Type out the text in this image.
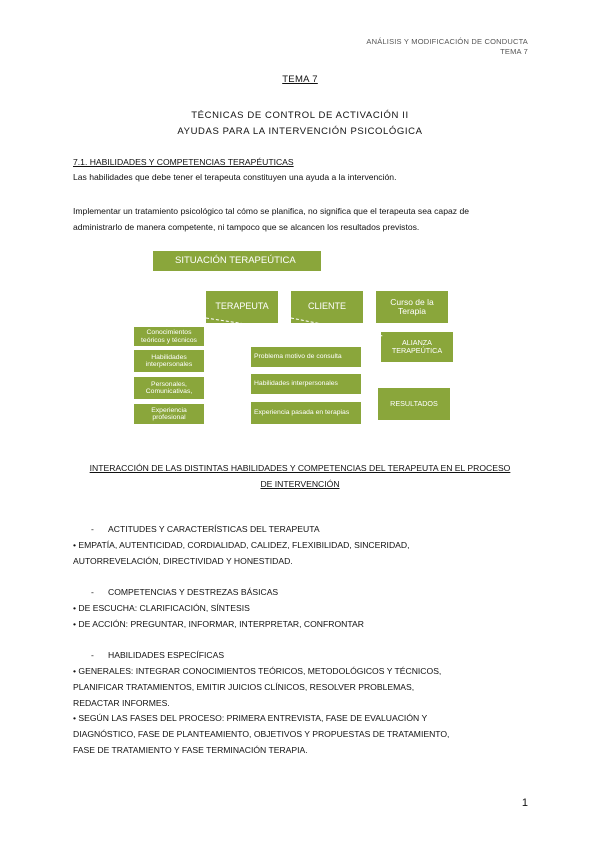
ANÁLISIS Y MODIFICACIÓN DE CONDUCTA
TEMA 7
TEMA 7
TÉCNICAS DE CONTROL DE ACTIVACIÓN II
AYUDAS PARA LA INTERVENCIÓN PSICOLÓGICA
7.1. HABILIDADES Y COMPETENCIAS TERAPÉUTICAS
Las habilidades que debe tener el terapeuta constituyen una ayuda a la intervención.
Implementar un tratamiento psicológico tal cómo se planifica, no significa que el terapeuta sea capaz de
administrarlo de manera competente, ni tampoco que se alcancen los resultados previstos.
SITUACIÓN TERAPEÚTICA
TERAPEUTA	CLIENTE	Curso de la Terapia
Conocimientos teóricos y técnicos
Habilidades interpersonales
Personales, Comunicativas,
Experiencia profesional
Problema motivo de consulta
Habilidades interpersonales
Experiencia pasada en terapias
ALIANZA TERAPEÚTICA
RESULTADOS
INTERACCIÓN DE LAS DISTINTAS HABILIDADES Y COMPETENCIAS DEL TERAPEUTA EN EL PROCESO
DE INTERVENCIÓN
- ACTITUDES Y CARACTERÍSTICAS DEL TERAPEUTA
• EMPATÍA, AUTENTICIDAD, CORDIALIDAD, CALIDEZ, FLEXIBILIDAD, SINCERIDAD,
AUTORREVELACIÓN, DIRECTIVIDAD Y HONESTIDAD.
- COMPETENCIAS Y DESTREZAS BÁSICAS
• DE ESCUCHA: CLARIFICACIÓN, SÍNTESIS
• DE ACCIÓN: PREGUNTAR, INFORMAR, INTERPRETAR, CONFRONTAR
- HABILIDADES ESPECÍFICAS
• GENERALES: INTEGRAR CONOCIMIENTOS TEÓRICOS, METODOLÓGICOS Y TÉCNICOS,
PLANIFICAR TRATAMIENTOS, EMITIR JUICIOS CLÍNICOS, RESOLVER PROBLEMAS,
REDACTAR INFORMES.
• SEGÚN LAS FASES DEL PROCESO: PRIMERA ENTREVISTA, FASE DE EVALUACIÓN Y
DIAGNÓSTICO, FASE DE PLANTEAMIENTO, OBJETIVOS Y PROPUESTAS DE TRATAMIENTO,
FASE DE TRATAMIENTO Y FASE TERMINACIÓN TERAPIA.
1
